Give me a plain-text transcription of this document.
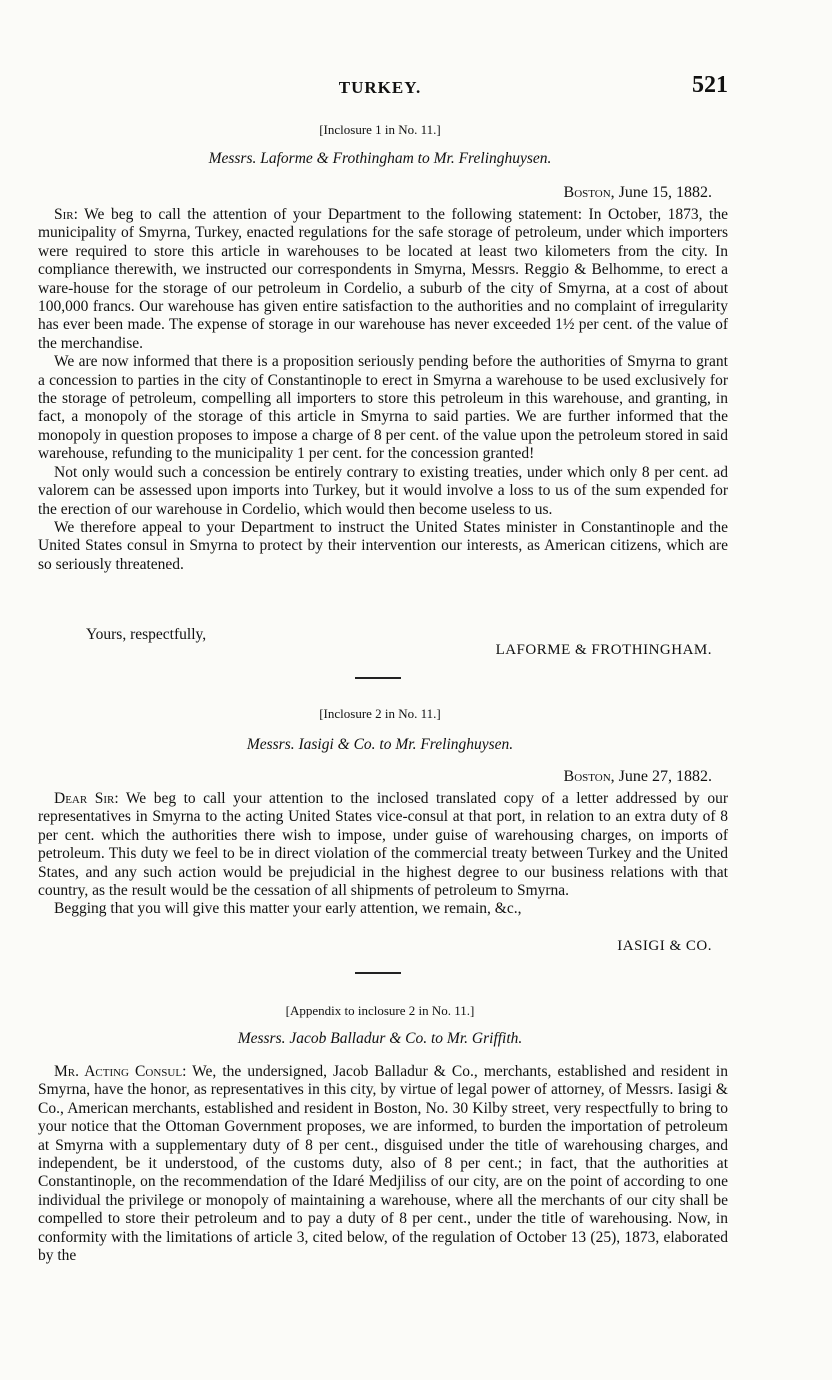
TURKEY.	521
[Inclosure 1 in No. 11.]
Messrs. Laforme & Frothingham to Mr. Frelinghuysen.
Boston, June 15, 1882.

Sir: We beg to call the attention of your Department to the following statement: In October, 1873, the municipality of Smyrna, Turkey, enacted regulations for the safe storage of petroleum, under which importers were required to store this article in warehouses to be located at least two kilometers from the city. In compliance therewith, we instructed our correspondents in Smyrna, Messrs. Reggio & Belhomme, to erect a ware-house for the storage of our petroleum in Cordelio, a suburb of the city of Smyrna, at a cost of about 100,000 francs. Our warehouse has given entire satisfaction to the authorities and no complaint of irregularity has ever been made. The expense of storage in our warehouse has never exceeded 1½ per cent. of the value of the merchandise.

We are now informed that there is a proposition seriously pending before the authorities of Smyrna to grant a concession to parties in the city of Constantinople to erect in Smyrna a warehouse to be used exclusively for the storage of petroleum, compelling all importers to store this petroleum in this warehouse, and granting, in fact, a monopoly of the storage of this article in Smyrna to said parties. We are further informed that the monopoly in question proposes to impose a charge of 8 per cent. of the value upon the petroleum stored in said warehouse, refunding to the municipality 1 per cent. for the concession granted!

Not only would such a concession be entirely contrary to existing treaties, under which only 8 per cent. ad valorem can be assessed upon imports into Turkey, but it would involve a loss to us of the sum expended for the erection of our warehouse in Cordelio, which would then become useless to us.

We therefore appeal to your Department to instruct the United States minister in Constantinople and the United States consul in Smyrna to protect by their intervention our interests, as American citizens, which are so seriously threatened.

Yours, respectfully,
LAFORME & FROTHINGHAM.
[Inclosure 2 in No. 11.]
Messrs. Iasigi & Co. to Mr. Frelinghuysen.
Boston, June 27, 1882.

Dear Sir: We beg to call your attention to the inclosed translated copy of a letter addressed by our representatives in Smyrna to the acting United States vice-consul at that port, in relation to an extra duty of 8 per cent. which the authorities there wish to impose, under guise of warehousing charges, on imports of petroleum. This duty we feel to be in direct violation of the commercial treaty between Turkey and the United States, and any such action would be prejudicial in the highest degree to our business relations with that country, as the result would be the cessation of all shipments of petroleum to Smyrna.

Begging that you will give this matter your early attention, we remain, &c.,

IASIGI & CO.
[Appendix to inclosure 2 in No. 11.]
Messrs. Jacob Balladur & Co. to Mr. Griffith.

Mr. Acting Consul: We, the undersigned, Jacob Balladur & Co., merchants, established and resident in Smyrna, have the honor, as representatives in this city, by virtue of legal power of attorney, of Messrs. Iasigi & Co., American merchants, established and resident in Boston, No. 30 Kilby street, very respectfully to bring to your notice that the Ottoman Government proposes, we are informed, to burden the importation of petroleum at Smyrna with a supplementary duty of 8 per cent., disguised under the title of warehousing charges, and independent, be it understood, of the customs duty, also of 8 per cent.; in fact, that the authorities at Constantinople, on the recommendation of the Idaré Medjiliss of our city, are on the point of according to one individual the privilege or monopoly of maintaining a warehouse, where all the merchants of our city shall be compelled to store their petroleum and to pay a duty of 8 per cent., under the title of warehousing. Now, in conformity with the limitations of article 3, cited below, of the regulation of October 13 (25), 1873, elaborated by the
